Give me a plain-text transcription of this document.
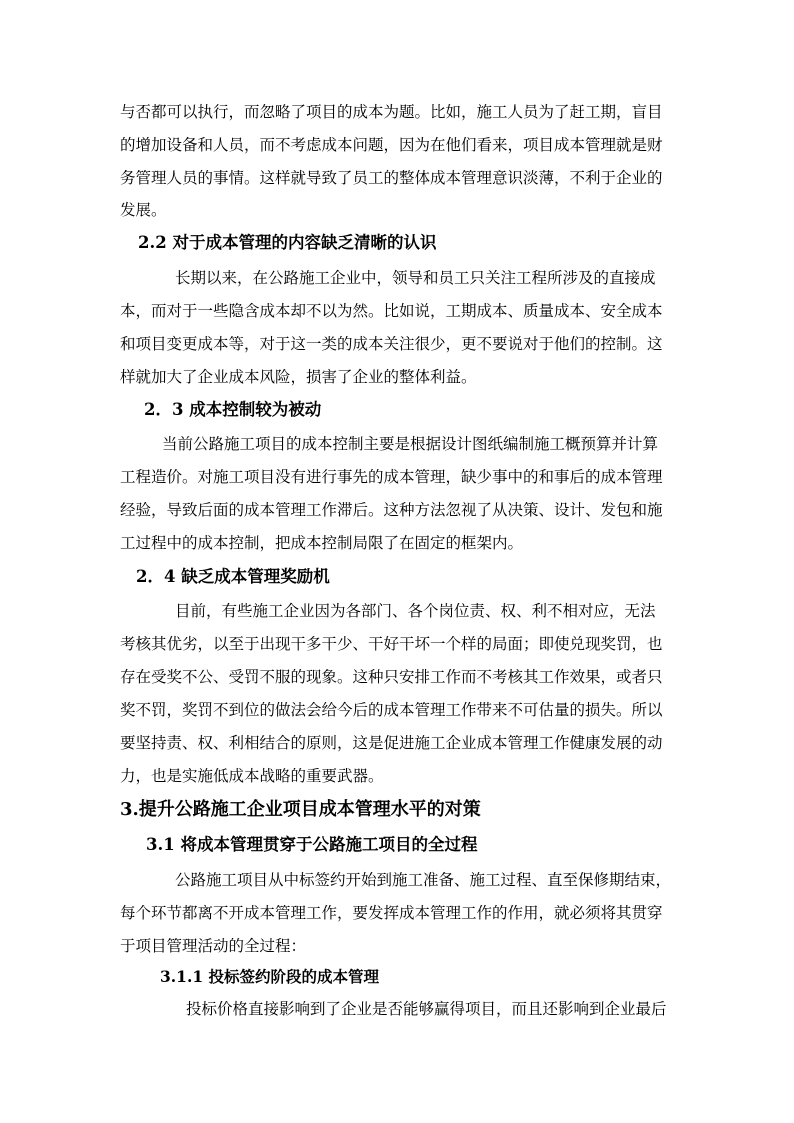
与否都可以执行，而忽略了项目的成本为题。比如，施工人员为了赶工期，盲目
的增加设备和人员，而不考虑成本问题，因为在他们看来，项目成本管理就是财
务管理人员的事情。这样就导致了员工的整体成本管理意识淡薄，不利于企业的
发展。
2.2 对于成本管理的内容缺乏清晰的认识
长期以来，在公路施工企业中，领导和员工只关注工程所涉及的直接成
本，而对于一些隐含成本却不以为然。比如说，工期成本、质量成本、安全成本
和项目变更成本等，对于这一类的成本关注很少，更不要说对于他们的控制。这
样就加大了企业成本风险，损害了企业的整体利益。
2．3 成本控制较为被动
当前公路施工项目的成本控制主要是根据设计图纸编制施工概预算并计算
工程造价。对施工项目没有进行事先的成本管理，缺少事中的和事后的成本管理
经验，导致后面的成本管理工作滞后。这种方法忽视了从决策、设计、发包和施
工过程中的成本控制，把成本控制局限了在固定的框架内。
2．4 缺乏成本管理奖励机
目前，有些施工企业因为各部门、各个岗位责、权、利不相对应，无法
考核其优劣，以至于出现干多干少、干好干坏一个样的局面；即使兑现奖罚，也
存在受奖不公、受罚不服的现象。这种只安排工作而不考核其工作效果，或者只
奖不罚，奖罚不到位的做法会给今后的成本管理工作带来不可估量的损失。所以
要坚持责、权、利相结合的原则，这是促进施工企业成本管理工作健康发展的动
力，也是实施低成本战略的重要武器。
3.提升公路施工企业项目成本管理水平的对策
3.1 将成本管理贯穿于公路施工项目的全过程
公路施工项目从中标签约开始到施工准备、施工过程、直至保修期结束，
每个环节都离不开成本管理工作，要发挥成本管理工作的作用，就必须将其贯穿
于项目管理活动的全过程：
3.1.1 投标签约阶段的成本管理
投标价格直接影响到了企业是否能够赢得项目，而且还影响到企业最后
